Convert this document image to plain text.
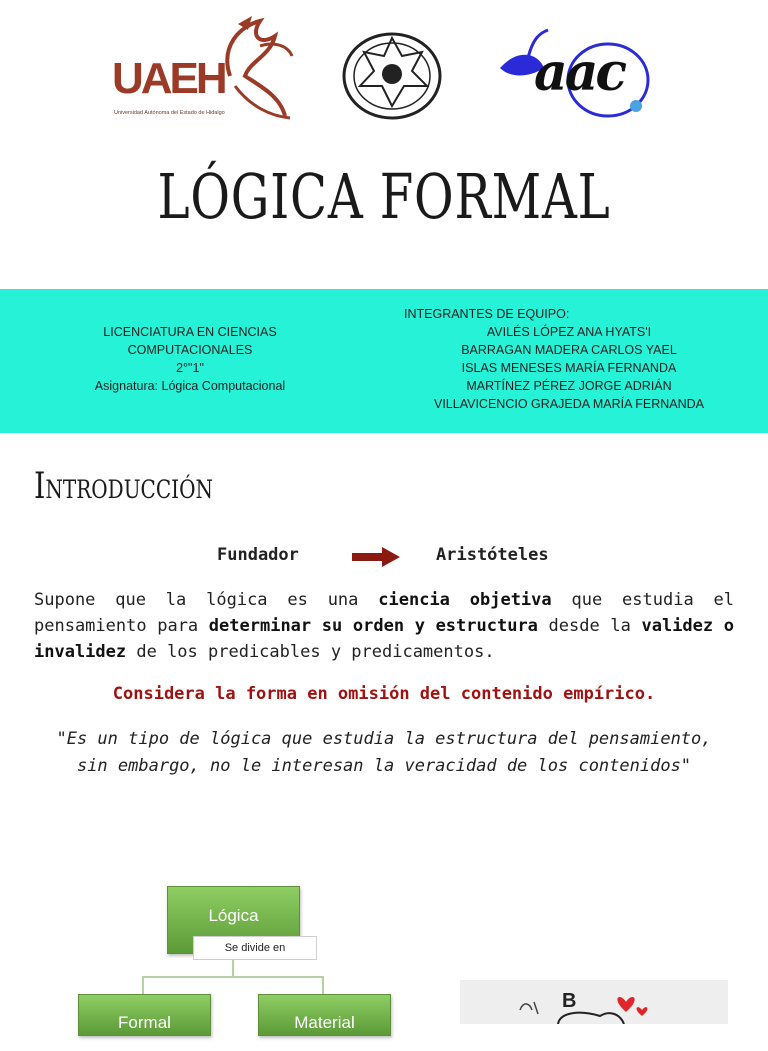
UAEH
Universidad Autónoma del Estado de Hidalgo
aac
LÓGICA FORMAL
LICENCIATURA EN CIENCIAS
COMPUTACIONALES
2°"1"
Asignatura: Lógica Computacional
INTEGRANTES DE EQUIPO:
AVILÉS LÓPEZ ANA HYATS'I
BARRAGAN MADERA CARLOS YAEL
ISLAS MENESES MARÍA FERNANDA
MARTÍNEZ PÉREZ JORGE ADRIÁN
VILLAVICENCIO GRAJEDA MARÍA FERNANDA
Introducción
Fundador	Aristóteles
Supone que la lógica es una ciencia objetiva que estudia el pensamiento para determinar su orden y estructura desde la validez o invalidez de los predicables y predicamentos.
Considera la forma en omisión del contenido empírico.
"Es un tipo de lógica que estudia la estructura del pensamiento, sin embargo, no le interesan la veracidad de los contenidos"
Lógica
Se divide en
Formal	Material
B
